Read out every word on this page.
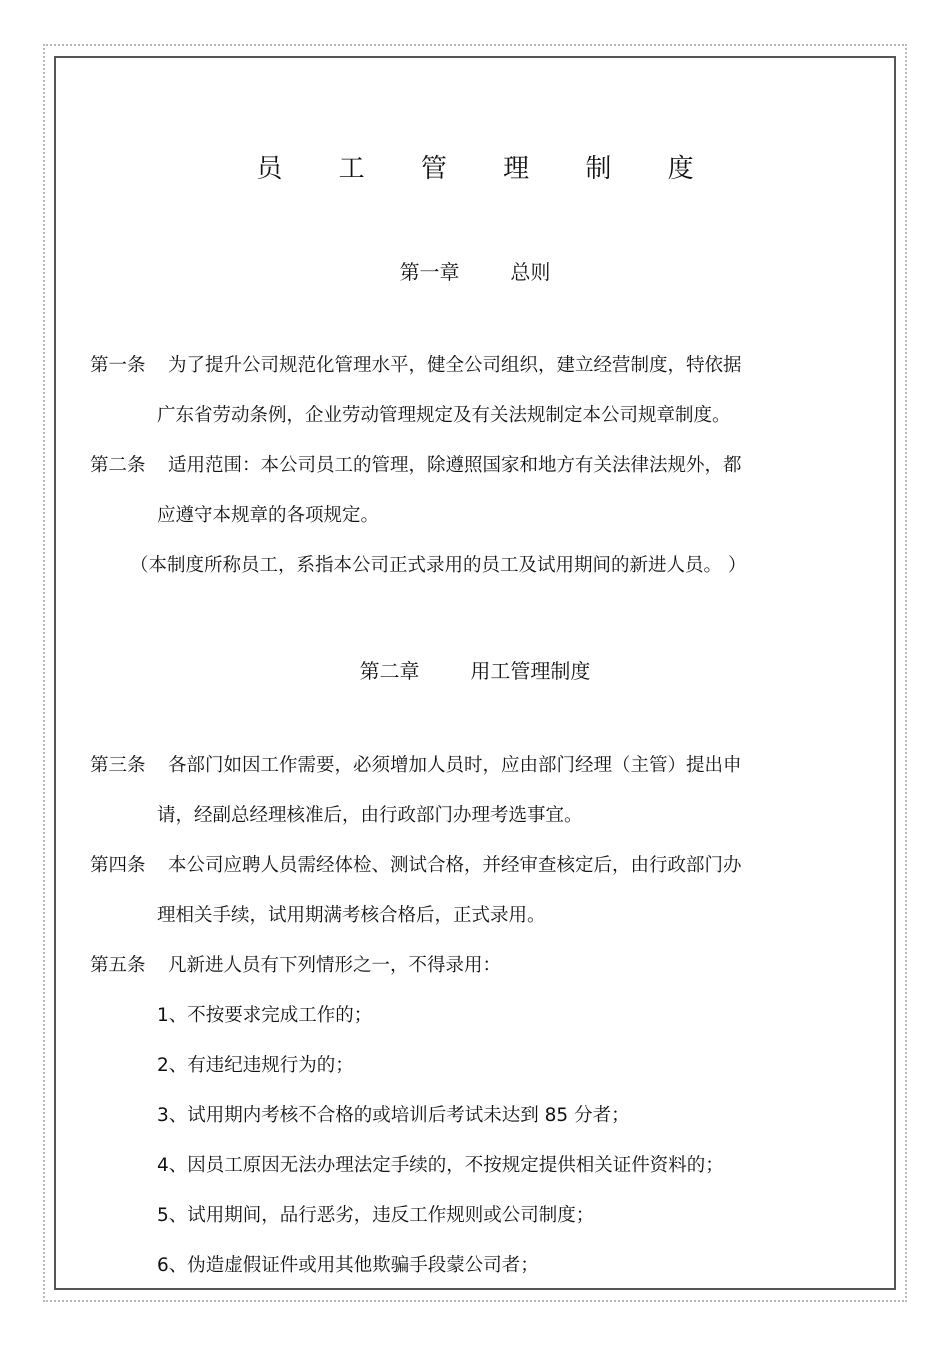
员 工 管 理 制 度
第一章        总则
第一条 为了提升公司规范化管理水平，健全公司组织，建立经营制度，特依据
广东省劳动条例，企业劳动管理规定及有关法规制定本公司规章制度。
第二条 适用范围：本公司员工的管理，除遵照国家和地方有关法律法规外，都
应遵守本规章的各项规定。
（本制度所称员工，系指本公司正式录用的员工及试用期间的新进人员。 ）
第二章        用工管理制度
第三条 各部门如因工作需要，必须增加人员时，应由部门经理（主管）提出申
请，经副总经理核准后，由行政部门办理考选事宜。
第四条 本公司应聘人员需经体检、测试合格，并经审查核定后，由行政部门办
理相关手续，试用期满考核合格后，正式录用。
第五条 凡新进人员有下列情形之一，不得录用：
1、不按要求完成工作的；
2、有违纪违规行为的；
3、试用期内考核不合格的或培训后考试未达到 85 分者；
4、因员工原因无法办理法定手续的，不按规定提供相关证件资料的；
5、试用期间，品行恶劣，违反工作规则或公司制度；
6、伪造虚假证件或用其他欺骗手段蒙公司者；
